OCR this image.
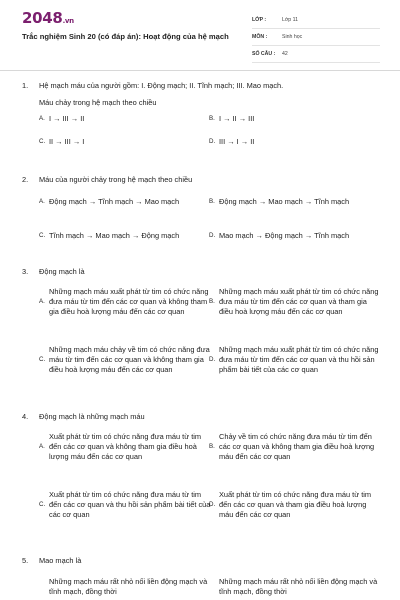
2048.vn
Trắc nghiệm Sinh 20 (có đáp án): Hoạt động của hệ mạch
LỚP :	Lớp 11
MÔN :	Sinh học
SỐ CÂU :	42
1.	Hệ mạch máu của người gồm: I. Động mạch; II. Tĩnh mạch; III. Mao mạch.
Máu chảy trong hệ mạch theo chiều
A. I → III → II	B. I → II → III
C. II → III → I	D. III → I → II
2.	Máu của người chảy trong hệ mạch theo chiều
A. Động mạch → Tĩnh mạch → Mao mạch	B. Động mạch → Mao mạch → Tĩnh mạch
C. Tĩnh mạch → Mao mạch → Động mạch	D. Mao mạch → Động mạch → Tĩnh mạch
3.	Động mạch là
A.
Những mạch máu xuất phát từ tim có chức năng đưa máu từ tim đến các cơ quan và không tham gia điều hoà lượng máu đến các cơ quan
B.
Những mạch máu xuất phát từ tim có chức năng đưa máu từ tim đến các cơ quan và tham gia điều hoà lượng máu đến các cơ quan
C.
Những mạch máu chảy về tim có chức năng đưa máu từ tim đến các cơ quan và không tham gia điều hoà lượng máu đến các cơ quan
D.
Những mạch máu xuất phát từ tim có chức năng đưa máu từ tim đến các cơ quan và thu hồi sản phẩm bài tiết của các cơ quan
4.	Động mạch là những mạch máu
A.
Xuất phát từ tim có chức năng đưa máu từ tim đến các cơ quan và không tham gia điều hoà lượng máu đến các cơ quan
B.
Chảy về tim có chức năng đưa máu từ tim đến các cơ quan và không tham gia điều hoà lượng máu đến các cơ quan
C.
Xuất phát từ tim có chức năng đưa máu từ tim đến các cơ quan và thu hồi sản phẩm bài tiết của các cơ quan
D.
Xuất phát từ tim có chức năng đưa máu từ tim đến các cơ quan và tham gia điều hoà lượng máu đến các cơ quan
5.	Mao mạch là
Những mạch máu rất nhỏ nối liền động mạch và tĩnh mạch, đồng thời
Những mạch máu rất nhỏ nối liền động mạch và tĩnh mạch, đồng thời
